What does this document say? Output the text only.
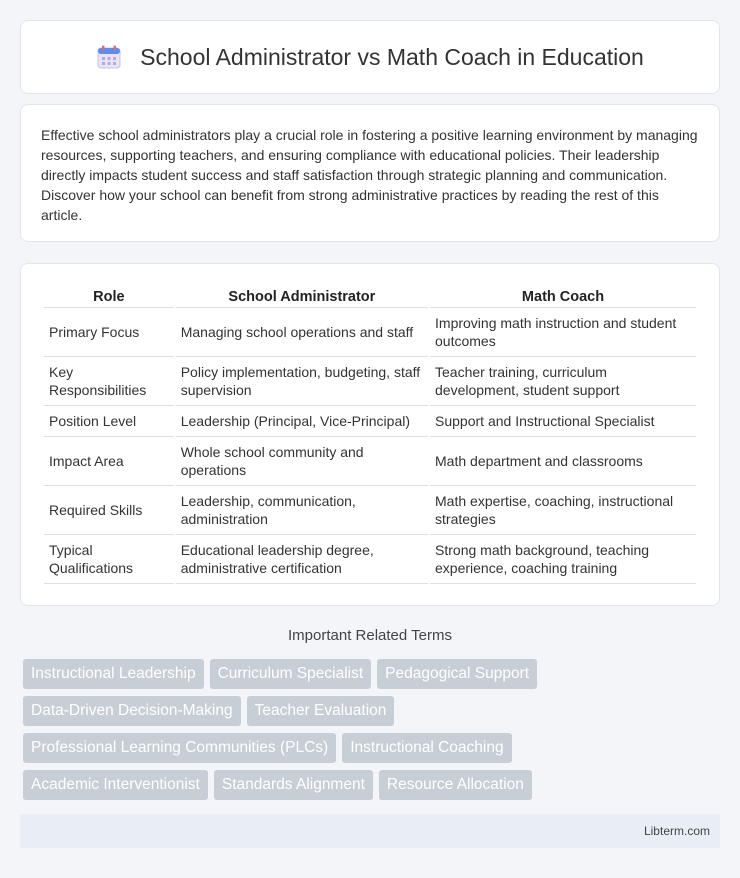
School Administrator vs Math Coach in Education

Effective school administrators play a crucial role in fostering a positive learning environment by managing resources, supporting teachers, and ensuring compliance with educational policies. Their leadership directly impacts student success and staff satisfaction through strategic planning and communication. Discover how your school can benefit from strong administrative practices by reading the rest of this article.

Role	School Administrator	Math Coach
Primary Focus	Managing school operations and staff	Improving math instruction and student outcomes
Key Responsibilities	Policy implementation, budgeting, staff supervision	Teacher training, curriculum development, student support
Position Level	Leadership (Principal, Vice-Principal)	Support and Instructional Specialist
Impact Area	Whole school community and operations	Math department and classrooms
Required Skills	Leadership, communication, administration	Math expertise, coaching, instructional strategies
Typical Qualifications	Educational leadership degree, administrative certification	Strong math background, teaching experience, coaching training
Important Related Terms
Instructional Leadership	Curriculum Specialist	Pedagogical Support
Data-Driven Decision-Making	Teacher Evaluation
Professional Learning Communities (PLCs)	Instructional Coaching
Academic Interventionist	Standards Alignment	Resource Allocation
Libterm.com
